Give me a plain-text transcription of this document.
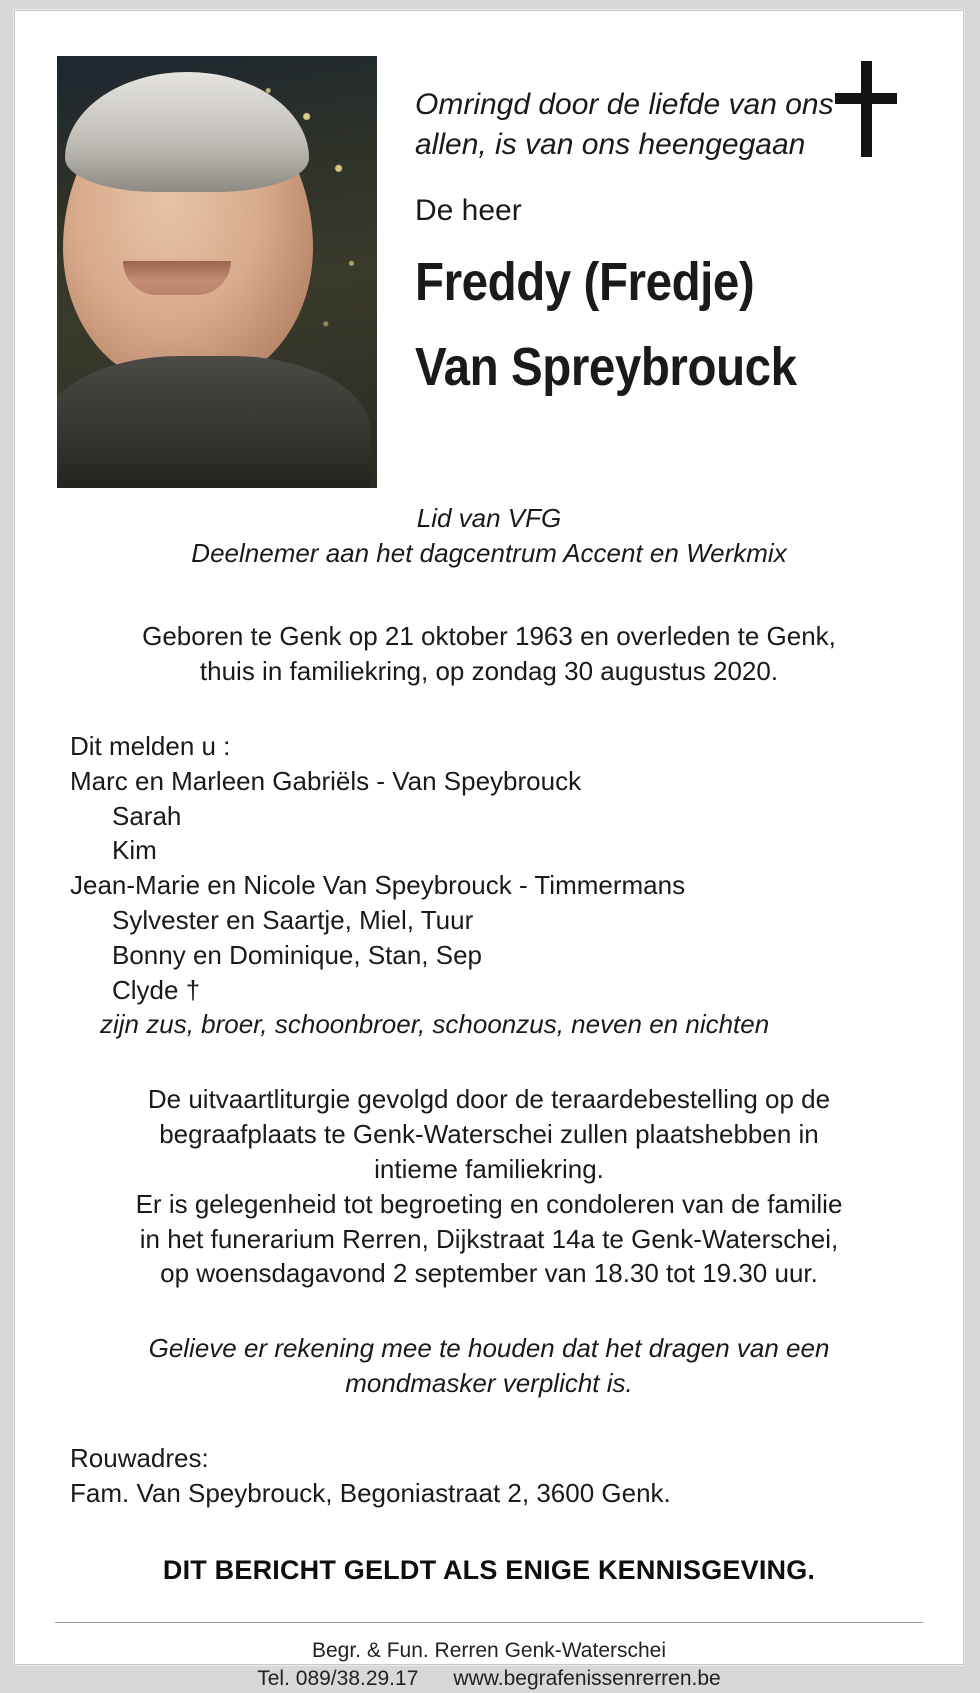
Omringd door de liefde van ons allen, is van ons heengegaan

De heer

Freddy (Fredje)
Van Spreybrouck
Lid van VFG
Deelnemer aan het dagcentrum Accent en Werkmix
Geboren te Genk op 21 oktober 1963 en overleden te Genk,
thuis in familiekring, op zondag 30 augustus 2020.
Dit melden u :
Marc en Marleen Gabriëls - Van Speybrouck
Sarah
Kim
Jean-Marie en Nicole Van Speybrouck - Timmermans
Sylvester en Saartje, Miel, Tuur
Bonny en Dominique, Stan, Sep
Clyde †
zijn zus, broer, schoonbroer, schoonzus, neven en nichten
De uitvaartliturgie gevolgd door de teraardebestelling op de
begraafplaats te Genk-Waterschei zullen plaatshebben in
intieme familiekring.
Er is gelegenheid tot begroeting en condoleren van de familie
in het funerarium Rerren, Dijkstraat 14a te Genk-Waterschei,
op woensdagavond 2 september van 18.30 tot 19.30 uur.
Gelieve er rekening mee te houden dat het dragen van een
mondmasker verplicht is.
Rouwadres:
Fam. Van Speybrouck, Begoniastraat 2, 3600 Genk.
DIT BERICHT GELDT ALS ENIGE KENNISGEVING.
Begr. & Fun. Rerren Genk-Waterschei
Tel. 089/38.29.17 www.begrafenissenrerren.be
